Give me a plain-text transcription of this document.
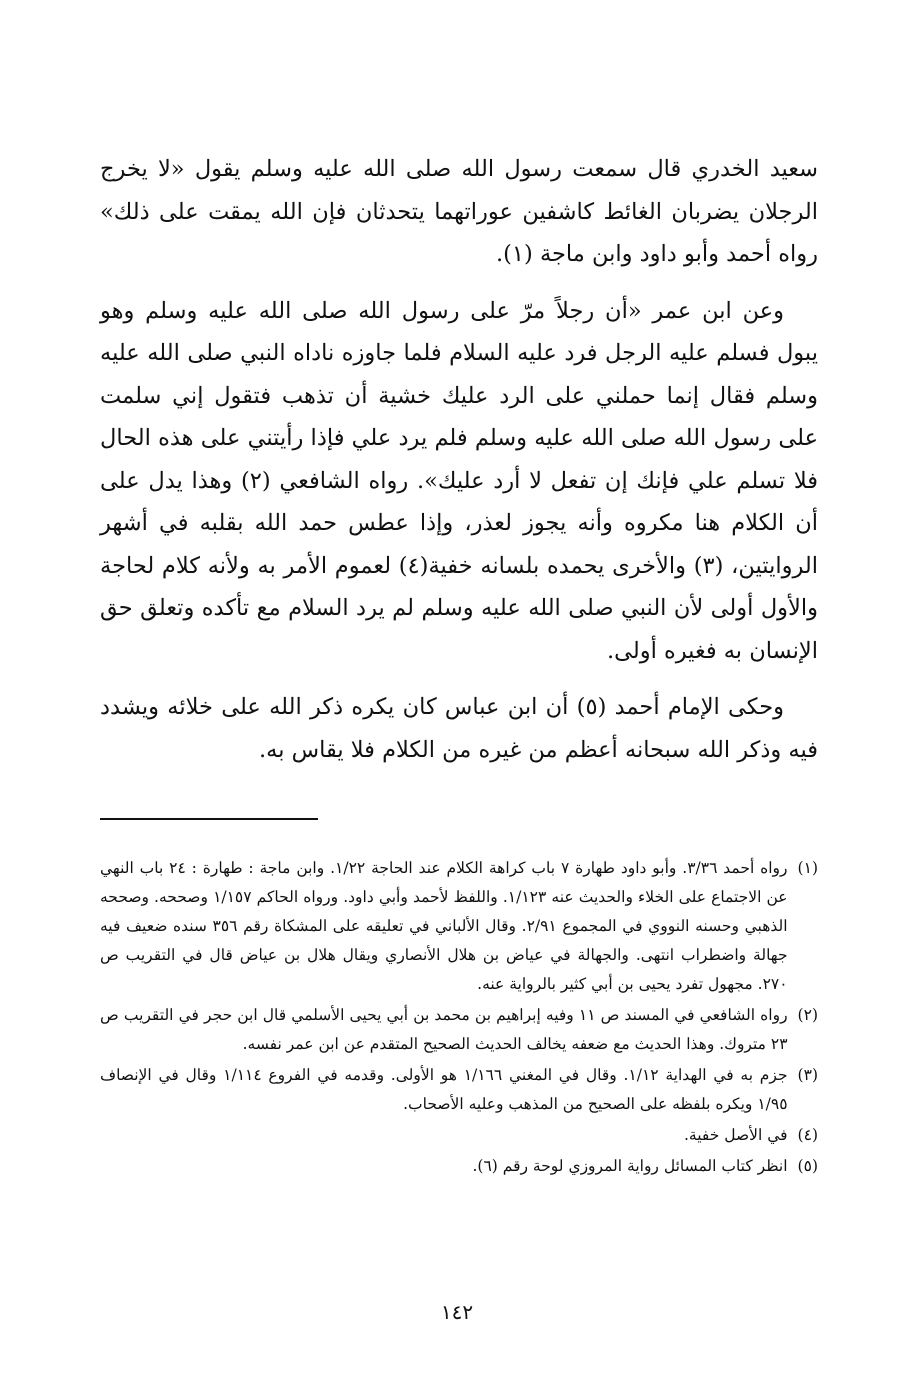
سعيد الخدري قال سمعت رسول الله صلى الله عليه وسلم يقول «لا يخرج الرجلان يضربان الغائط كاشفين عوراتهما يتحدثان فإن الله يمقت على ذلك» رواه أحمد وأبو داود وابن ماجة (١).

وعن ابن عمر «أن رجلاً مرّ على رسول الله صلى الله عليه وسلم وهو يبول فسلم عليه الرجل فرد عليه السلام فلما جاوزه ناداه النبي صلى الله عليه وسلم فقال إنما حملني على الرد عليك خشية أن تذهب فتقول إني سلمت على رسول الله صلى الله عليه وسلم فلم يرد علي فإذا رأيتني على هذه الحال فلا تسلم علي فإنك إن تفعل لا أرد عليك». رواه الشافعي (٢) وهذا يدل على أن الكلام هنا مكروه وأنه يجوز لعذر، وإذا عطس حمد الله بقلبه في أشهر الروايتين، (٣) والأخرى يحمده بلسانه خفية(٤) لعموم الأمر به ولأنه كلام لحاجة والأول أولى لأن النبي صلى الله عليه وسلم لم يرد السلام مع تأكده وتعلق حق الإنسان به فغيره أولى.

وحكى الإمام أحمد (٥) أن ابن عباس كان يكره ذكر الله على خلائه ويشدد فيه وذكر الله سبحانه أعظم من غيره من الكلام فلا يقاس به.

(١)
رواه أحمد ٣/٣٦. وأبو داود طهارة ٧ باب كراهة الكلام عند الحاجة ١/٢٢. وابن ماجة : طهارة : ٢٤ باب النهي عن الاجتماع على الخلاء والحديث عنه ١/١٢٣. واللفظ لأحمد وأبي داود. ورواه الحاكم ١/١٥٧ وصححه. وصححه الذهبي وحسنه النووي في المجموع ٢/٩١. وقال الألباني في تعليقه على المشكاة رقم ٣٥٦ سنده ضعيف فيه جهالة واضطراب انتهى. والجهالة في عياض بن هلال الأنصاري ويقال هلال بن عياض قال في التقريب ص ٢٧٠. مجهول تفرد يحيى بن أبي كثير بالرواية عنه.
(٢)
رواه الشافعي في المسند ص ١١ وفيه إبراهيم بن محمد بن أبي يحيى الأسلمي قال ابن حجر في التقريب ص ٢٣ متروك. وهذا الحديث مع ضعفه يخالف الحديث الصحيح المتقدم عن ابن عمر نفسه.
(٣)
جزم به في الهداية ١/١٢. وقال في المغني ١/١٦٦ هو الأولى. وقدمه في الفروع ١/١١٤ وقال في الإنصاف ١/٩٥ ويكره بلفظه على الصحيح من المذهب وعليه الأصحاب.
(٤)
في الأصل خفية.
(٥)
انظر كتاب المسائل رواية المروزي لوحة رقم (٦).
١٤٢
